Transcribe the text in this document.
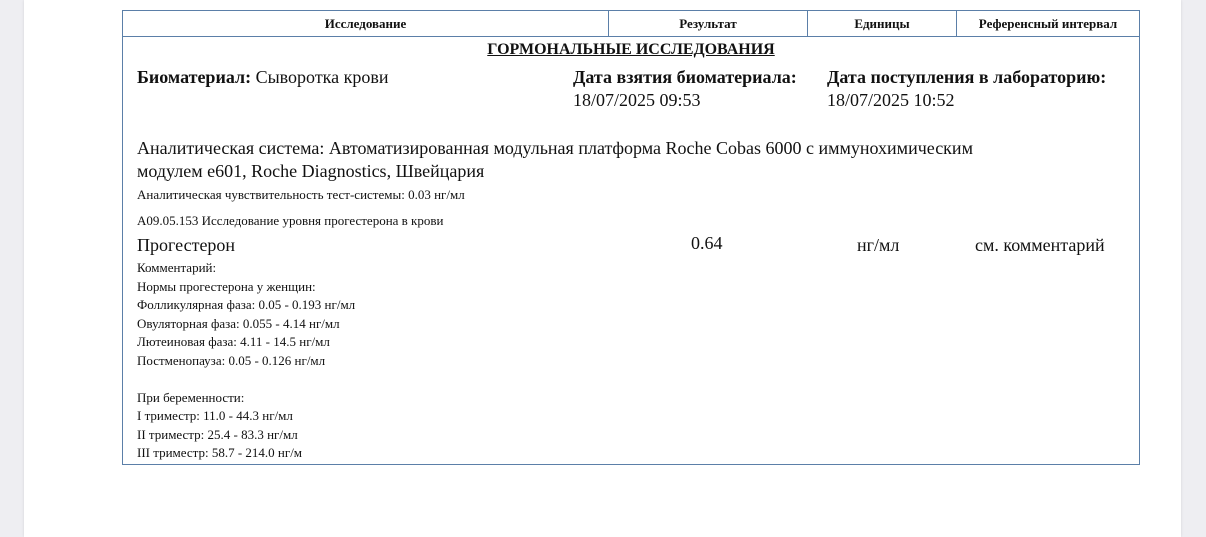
Исследование	Результат	Единицы	Референсный интервал
ГОРМОНАЛЬНЫЕ ИССЛЕДОВАНИЯ
Биоматериал: Сыворотка крови	Дата взятия биоматериала:
18/07/2025 09:53
Дата поступления в лабораторию:
18/07/2025 10:52
Аналитическая система: Автоматизированная модульная платформа Roche Cobas 6000 с иммунохимическим
модулем e601, Roche Diagnostics, Швейцария
Аналитическая чувствительность тест-системы: 0.03 нг/мл
A09.05.153 Исследование уровня прогестерона в крови
Прогестерон	0.64	нг/мл	см. комментарий
Комментарий:
Нормы прогестерона у женщин:
Фолликулярная фаза: 0.05 - 0.193 нг/мл
Овуляторная фаза: 0.055 - 4.14 нг/мл
Лютеиновая фаза: 4.11 - 14.5 нг/мл
Постменопауза: 0.05 - 0.126 нг/мл
При беременности:
I триместр: 11.0 - 44.3 нг/мл
II триместр: 25.4 - 83.3 нг/мл
III триместр: 58.7 - 214.0 нг/м
